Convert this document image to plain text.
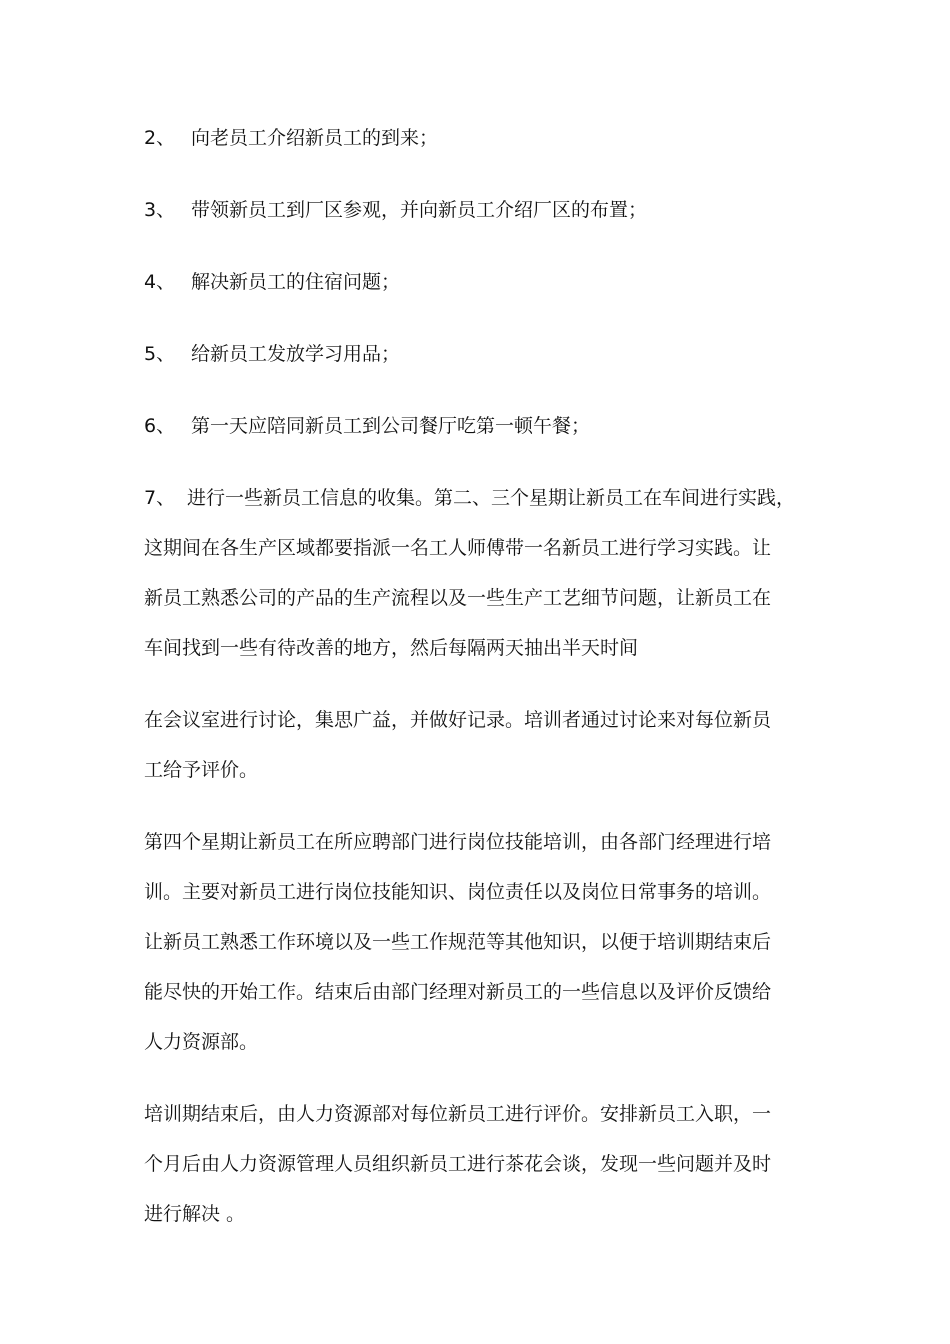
2、 向老员工介绍新员工的到来；

3、 带领新员工到厂区参观，并向新员工介绍厂区的布置；

4、 解决新员工的住宿问题；

5、 给新员工发放学习用品；

6、 第一天应陪同新员工到公司餐厅吃第一顿午餐；

7、 进行一些新员工信息的收集。第二、三个星期让新员工在车间进行实践，

这期间在各生产区域都要指派一名工人师傅带一名新员工进行学习实践。让

新员工熟悉公司的产品的生产流程以及一些生产工艺细节问题，让新员工在

车间找到一些有待改善的地方，然后每隔两天抽出半天时间

在会议室进行讨论，集思广益，并做好记录。培训者通过讨论来对每位新员

工给予评价。

第四个星期让新员工在所应聘部门进行岗位技能培训，由各部门经理进行培

训。主要对新员工进行岗位技能知识、岗位责任以及岗位日常事务的培训。

让新员工熟悉工作环境以及一些工作规范等其他知识，以便于培训期结束后

能尽快的开始工作。结束后由部门经理对新员工的一些信息以及评价反馈给

人力资源部。

培训期结束后，由人力资源部对每位新员工进行评价。安排新员工入职，一

个月后由人力资源管理人员组织新员工进行茶花会谈，发现一些问题并及时

进行解决 。
